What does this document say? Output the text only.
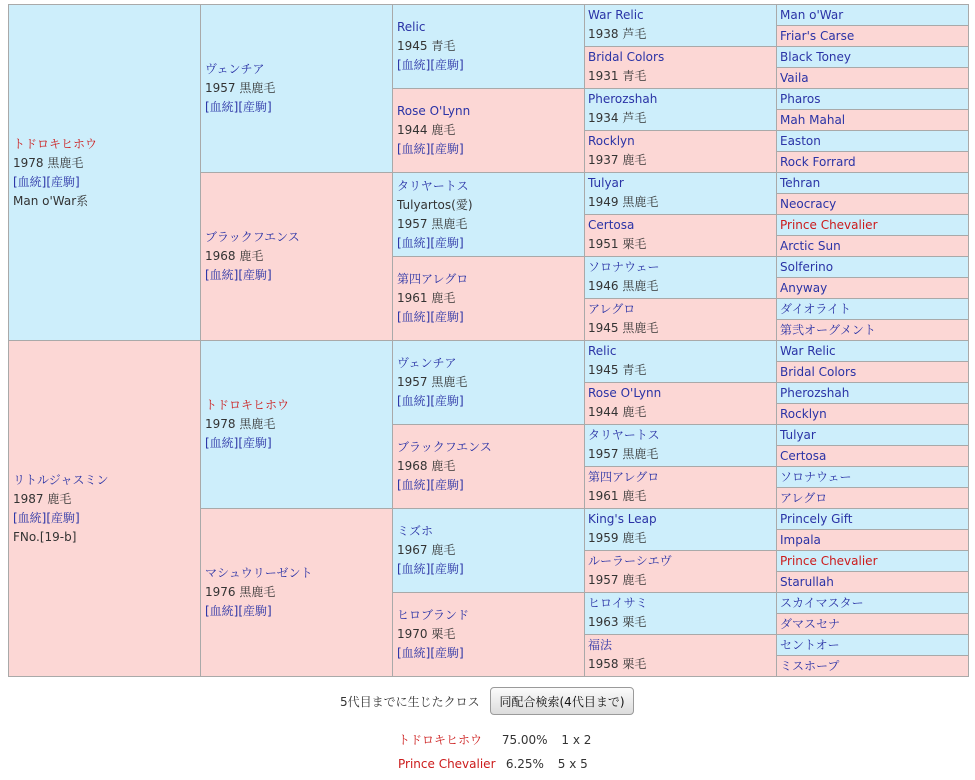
トドロキヒホウ
1978 黒鹿毛
[血統][産駒]
Man o'War系
ヴェンチア
1957 黒鹿毛
[血統][産駒]
Relic
1945 青毛
[血統][産駒]
War Relic
1938 芦毛
Man o'War
Friar's Carse
Bridal Colors
1931 青毛
Black Toney
Vaila
Rose O'Lynn
1944 鹿毛
[血統][産駒]
Pherozshah
1934 芦毛
Pharos
Mah Mahal
Rocklyn
1937 鹿毛
Easton
Rock Forrard
ブラックフエンス
1968 鹿毛
[血統][産駒]
タリヤートス
Tulyartos(愛)
1957 黒鹿毛
[血統][産駒]
Tulyar
1949 黒鹿毛
Tehran
Neocracy
Certosa
1951 栗毛
Prince Chevalier
Arctic Sun
第四アレグロ
1961 鹿毛
[血統][産駒]
ソロナウェー
1946 黒鹿毛
Solferino
Anyway
アレグロ
1945 黒鹿毛
ダイオライト
第弐オーグメント
リトルジャスミン
1987 鹿毛
[血統][産駒]
FNo.[19-b]
トドロキヒホウ
1978 黒鹿毛
[血統][産駒]
ヴェンチア
1957 黒鹿毛
[血統][産駒]
Relic
1945 青毛
War Relic
Bridal Colors
Rose O'Lynn
1944 鹿毛
Pherozshah
Rocklyn
ブラックフエンス
1968 鹿毛
[血統][産駒]
タリヤートス
1957 黒鹿毛
Tulyar
Certosa
第四アレグロ
1961 鹿毛
ソロナウェー
アレグロ
マシュウリーゼント
1976 黒鹿毛
[血統][産駒]
ミズホ
1967 鹿毛
[血統][産駒]
King's Leap
1959 鹿毛
Princely Gift
Impala
ルーラーシエヴ
1957 鹿毛
Prince Chevalier
Starullah
ヒロブランド
1970 栗毛
[血統][産駒]
ヒロイサミ
1963 栗毛
スカイマスター
ダマスセナ
福法
1958 栗毛
セントオー
ミスホープ
5代目までに生じたクロス	同配合検索(4代目まで)
トドロキヒホウ 75.00% 1 x 2
Prince Chevalier 6.25% 5 x 5
